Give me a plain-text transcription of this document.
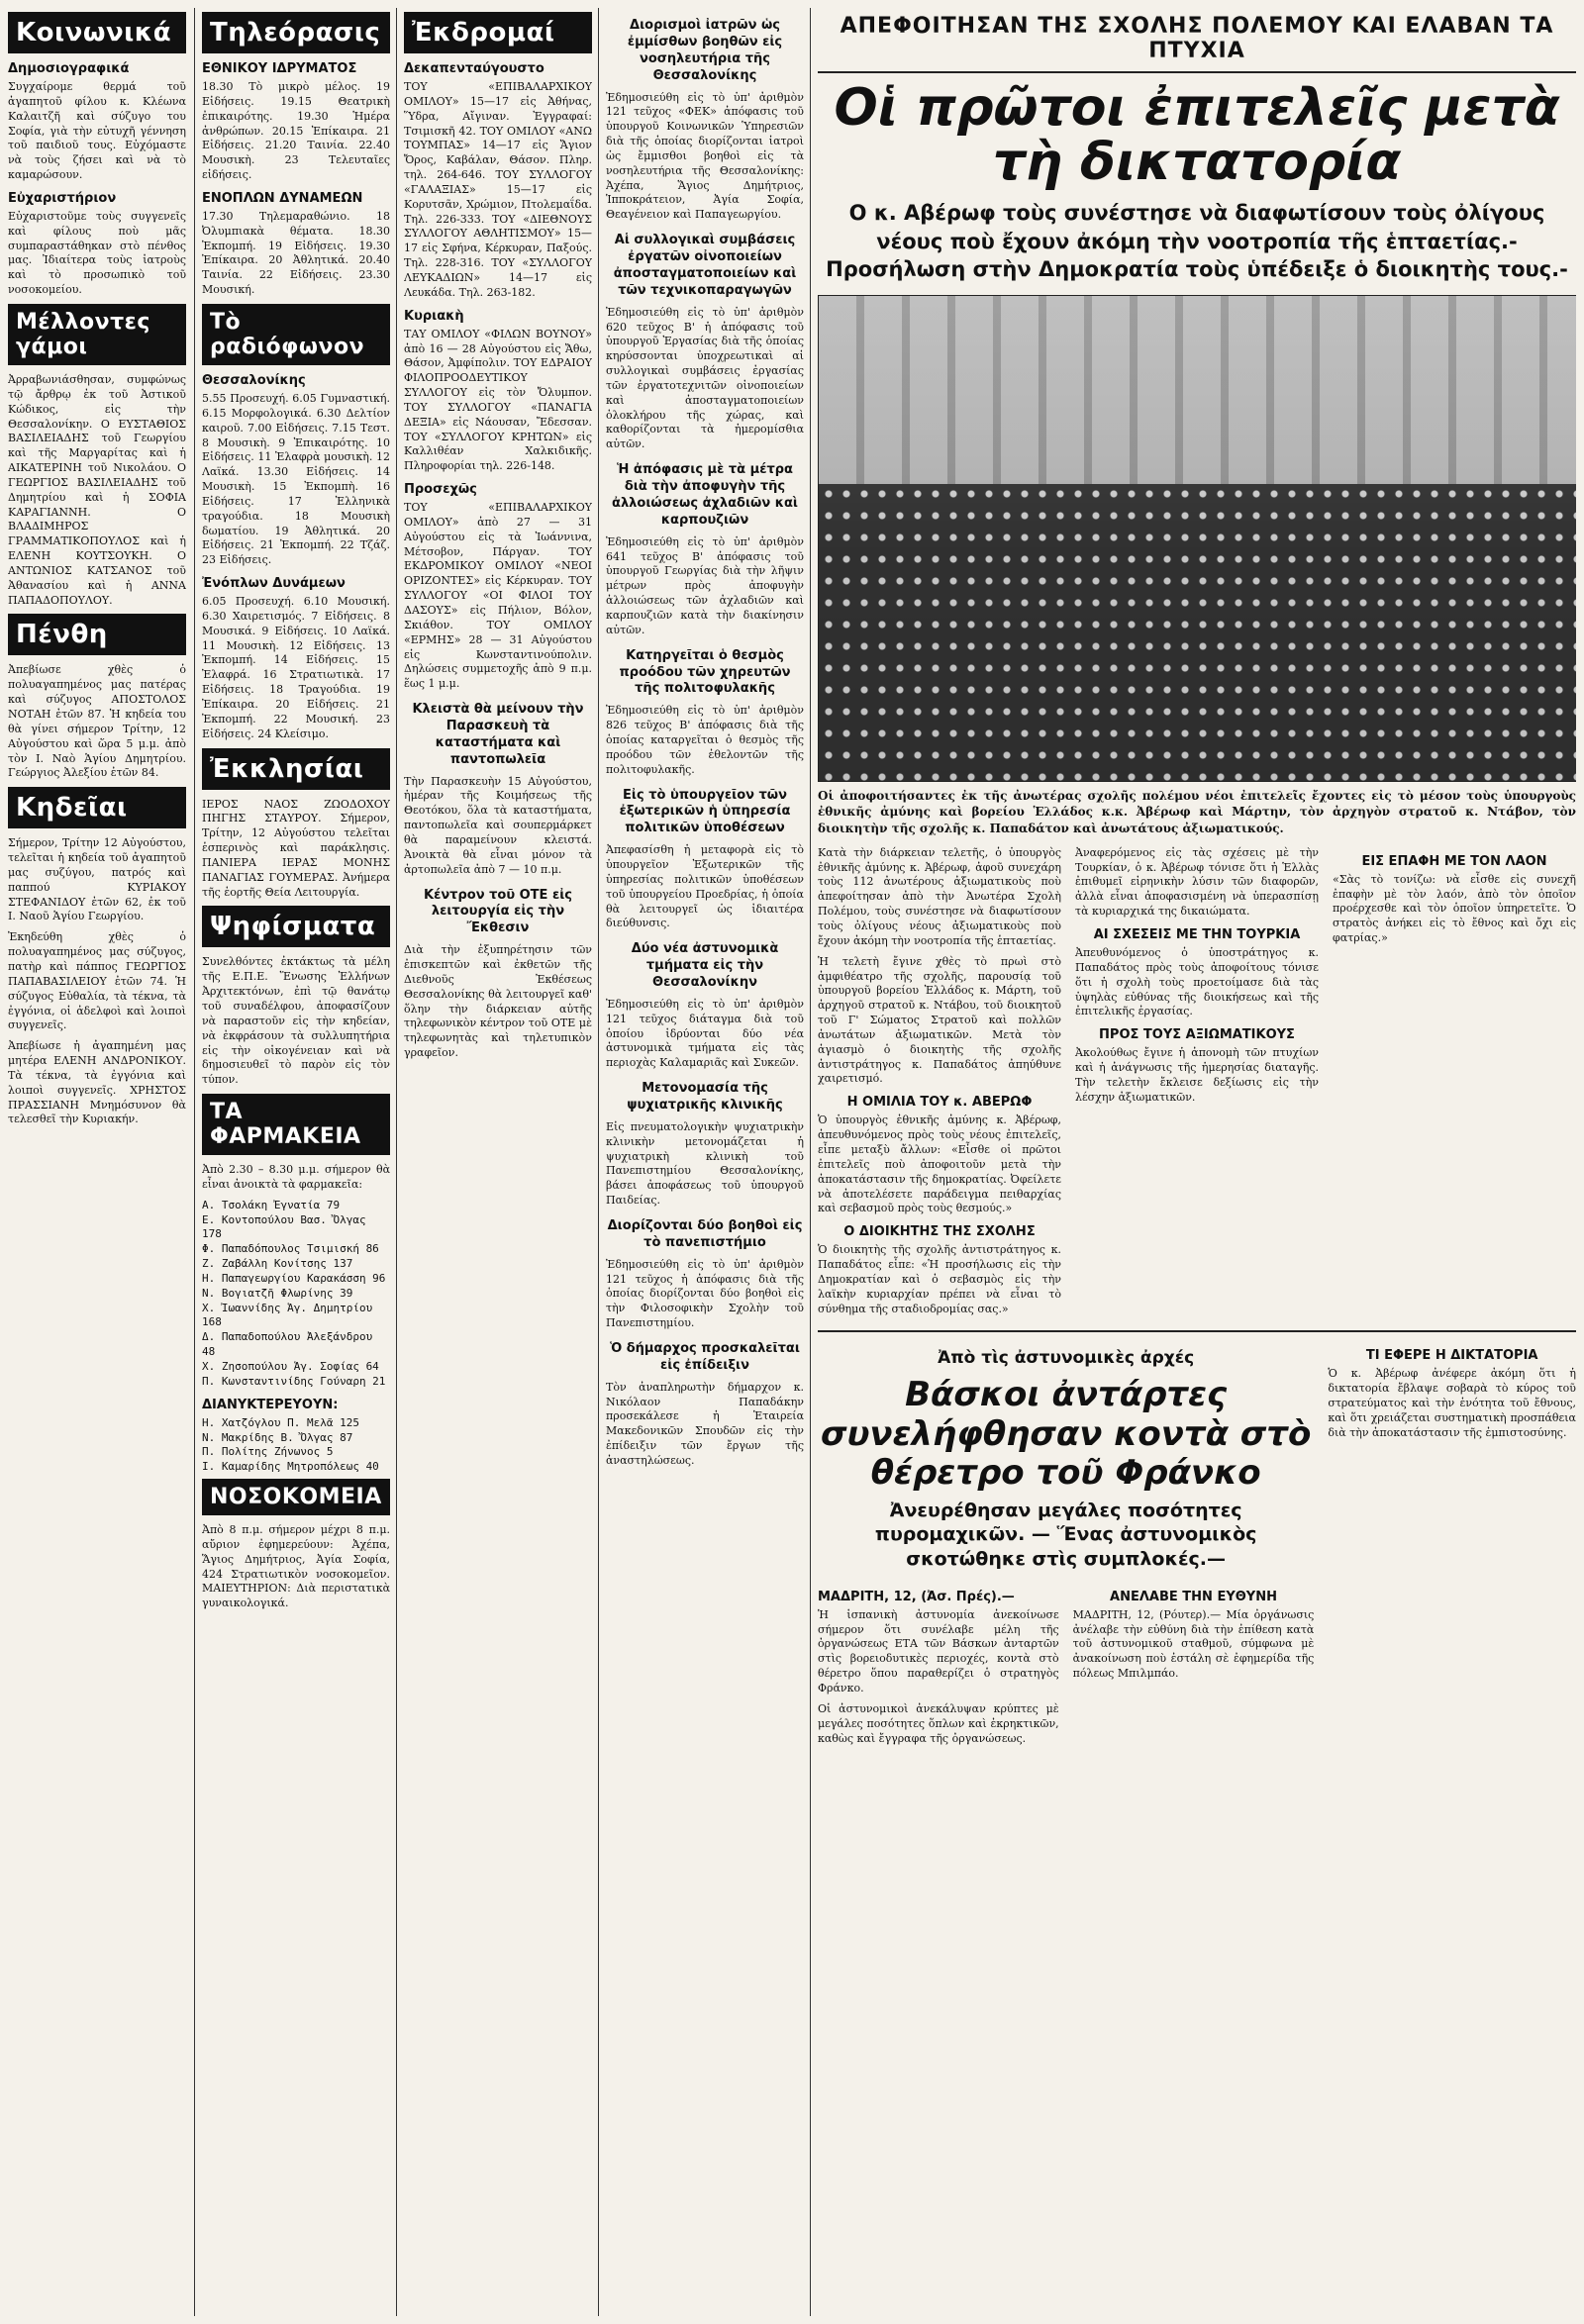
Κοινωνικά
Δημοσιογραφικά

Συγχαίρομε θερμά τοῦ ἀγαπητοῦ φίλου κ. Κλέωνα Καλαιτζῆ καὶ σύζυγο του Σοφία, γιὰ τὴν εὐτυχῆ γέννηση τοῦ παιδιοῦ τους. Εὐχόμαστε νὰ τοὺς ζήσει καὶ νὰ τὸ καμαρώσουν.

Εὐχαριστήριον

Εὐχαριστοῦμε τοὺς συγγενεῖς καὶ φίλους ποὺ μᾶς συμπαραστάθηκαν στὸ πένθος μας. Ἰδιαίτερα τοὺς ἰατροὺς καὶ τὸ προσωπικὸ τοῦ νοσοκομείου.

Μέλλοντες γάμοι

Ἀρραβωνιάσθησαν, συμφώνως τῷ ἄρθρῳ ἐκ τοῦ Ἀστικοῦ Κώδικος, εἰς τὴν Θεσσαλονίκην. Ο ΕΥΣΤΑΘΙΟΣ ΒΑΣΙΛΕΙΑΔΗΣ τοῦ Γεωργίου καὶ τῆς Μαργαρίτας καὶ ἡ ΑΙΚΑΤΕΡΙΝΗ τοῦ Νικολάου. Ο ΓΕΩΡΓΙΟΣ ΒΑΣΙΛΕΙΑΔΗΣ τοῦ Δημητρίου καὶ ἡ ΣΟΦΙΑ ΚΑΡΑΓΙΑΝΝΗ. Ο ΒΛΑΔΙΜΗΡΟΣ ΓΡΑΜΜΑΤΙΚΟΠΟΥΛΟΣ καὶ ἡ ΕΛΕΝΗ ΚΟΥΤΣΟΥΚΗ. Ο ΑΝΤΩΝΙΟΣ ΚΑΤΣΑΝΟΣ τοῦ Ἀθανασίου καὶ ἡ ΑΝΝΑ ΠΑΠΑΔΟΠΟΥΛΟΥ.

Πένθη

Ἀπεβίωσε χθὲς ὁ πολυαγαπημένος μας πατέρας καὶ σύζυγος ΑΠΟΣΤΟΛΟΣ ΝΟΤΑΗ ἐτῶν 87. Ἡ κηδεία του θὰ γίνει σήμερον Τρίτην, 12 Αὐγούστου καὶ ὥρα 5 μ.μ. ἀπὸ τὸν Ι. Ναὸ Ἁγίου Δημητρίου. Γεώργιος Ἀλεξίου ἐτῶν 84.

Κηδεῖαι

Σήμερον, Τρίτην 12 Αὐγούστου, τελεῖται ἡ κηδεία τοῦ ἀγαπητοῦ μας συζύγου, πατρός καὶ παππού ΚΥΡΙΑΚΟΥ ΣΤΕΦΑΝΙΔΟΥ ἐτῶν 62, ἐκ τοῦ Ι. Ναοῦ Ἁγίου Γεωργίου.

Ἐκηδεύθη χθὲς ὁ πολυαγαπημένος μας σύζυγος, πατὴρ καὶ πάππος ΓΕΩΡΓΙΟΣ ΠΑΠΑΒΑΣΙΛΕΙΟΥ ἐτῶν 74. Ἡ σύζυγος Εὐθαλία, τὰ τέκνα, τὰ ἐγγόνια, οἱ ἀδελφοὶ καὶ λοιποὶ συγγενεῖς.

Ἀπεβίωσε ἡ ἀγαπημένη μας μητέρα ΕΛΕΝΗ ΑΝΔΡΟΝΙΚΟΥ. Τὰ τέκνα, τὰ ἐγγόνια καὶ λοιποὶ συγγενεῖς. ΧΡΗΣΤΟΣ ΠΡΑΣΣΙΑΝΗ Μνημόσυνον θὰ τελεσθεῖ τὴν Κυριακήν.

Τηλεόρασις
ΕΘΝΙΚΟΥ ΙΔΡΥΜΑΤΟΣ

18.30 Τὸ μικρὸ μέλος. 19 Εἰδήσεις. 19.15 Θεατρικὴ ἐπικαιρότης. 19.30 Ἡμέρα ἀνθρώπων. 20.15 Ἐπίκαιρα. 21 Εἰδήσεις. 21.20 Ταινία. 22.40 Μουσικὴ. 23 Τελευταῖες εἰδήσεις.

ΕΝΟΠΛΩΝ ΔΥΝΑΜΕΩΝ

17.30 Τηλεμαραθώνιο. 18 Ὀλυμπιακὰ θέματα. 18.30 Ἐκπομπή. 19 Εἰδήσεις. 19.30 Ἐπίκαιρα. 20 Ἀθλητικά. 20.40 Ταινία. 22 Εἰδήσεις. 23.30 Μουσική.

Τὸ ραδιόφωνον
Θεσσαλονίκης

5.55 Προσευχή. 6.05 Γυμναστική. 6.15 Μορφολογικά. 6.30 Δελτίον καιροῦ. 7.00 Εἰδήσεις. 7.15 Τεστ. 8 Μουσικὴ. 9 Ἐπικαιρότης. 10 Εἰδήσεις. 11 Ἐλαφρὰ μουσικὴ. 12 Λαϊκά. 13.30 Εἰδήσεις. 14 Μουσικὴ. 15 Ἐκπομπὴ. 16 Εἰδήσεις. 17 Ἐλληνικὰ τραγούδια. 18 Μουσικὴ δωματίου. 19 Ἀθλητικά. 20 Εἰδήσεις. 21 Ἐκπομπή. 22 Τζάζ. 23 Εἰδήσεις.

Ἐνόπλων Δυνάμεων

6.05 Προσευχή. 6.10 Μουσική. 6.30 Χαιρετισμός. 7 Εἰδήσεις. 8 Μουσικά. 9 Εἰδήσεις. 10 Λαϊκά. 11 Μουσικὴ. 12 Εἰδήσεις. 13 Ἐκπομπή. 14 Εἰδήσεις. 15 Ἐλαφρά. 16 Στρατιωτικὰ. 17 Εἰδήσεις. 18 Τραγούδια. 19 Ἐπίκαιρα. 20 Εἰδήσεις. 21 Ἐκπομπή. 22 Μουσική. 23 Εἰδήσεις. 24 Κλείσιμο.

Ἐκκλησίαι

ΙΕΡΟΣ ΝΑΟΣ ΖΩΟΔΟΧΟΥ ΠΗΓΗΣ ΣΤΑΥΡΟΥ. Σήμερον, Τρίτην, 12 Αὐγούστου τελεῖται ἑσπερινὸς καὶ παράκλησις. ΠΑΝΙΕΡΑ ΙΕΡΑΣ ΜΟΝΗΣ ΠΑΝΑΓΙΑΣ ΓΟΥΜΕΡΑΣ. Ἀνήμερα τῆς ἑορτῆς Θεία Λειτουργία.

Ψηφίσματα

Συνελθόντες ἐκτάκτως τὰ μέλη τῆς Ε.Π.Ε. Ἕνωσης Ἐλλήνων Ἀρχιτεκτόνων, ἐπὶ τῷ θανάτῳ τοῦ συναδέλφου, ἀποφασίζουν νὰ παραστοῦν εἰς τὴν κηδείαν, νὰ ἐκφράσουν τὰ συλλυπητήρια εἰς τὴν οἰκογένειαν καὶ νὰ δημοσιευθεῖ τὸ παρὸν εἰς τὸν τύπον.

ΤΑ ΦΑΡΜΑΚΕΙΑ

Ἀπὸ 2.30 – 8.30 μ.μ. σήμερον θὰ εἶναι ἀνοικτὰ τὰ φαρμακεῖα:

Α. Τσολάκη Ἐγνατία 79

Ε. Κοντοπούλου Βασ. Ὄλγας 178

Φ. Παπαδόπουλος Τσιμισκή 86

Ζ. Ζαβάλλη Κονίτσης 137

Η. Παπαγεωργίου Καρακάσση 96

Ν. Βογιατζῆ Φλωρίνης 39

Χ. Ἰωαννίδης Ἁγ. Δημητρίου 168

Δ. Παπαδοπούλου Ἀλεξάνδρου 48

Χ. Ζησοπούλου Ἁγ. Σοφίας 64

Π. Κωνσταντινίδης Γούναρη 21

ΔΙΑΝΥΚΤΕΡΕΥΟΥΝ:

Η. Χατζόγλου Π. Μελᾶ 125

Ν. Μακρίδης Β. Ὄλγας 87

Π. Πολίτης Ζήνωνος 5

Ι. Καμαρίδης Μητροπόλεως 40

ΝΟΣΟΚΟΜΕΙΑ

Ἀπὸ 8 π.μ. σήμερον μέχρι 8 π.μ. αὔριον ἐφημερεύουν: Ἀχέπα, Ἅγιος Δημήτριος, Ἀγία Σοφία, 424 Στρατιωτικὸν νοσοκομεῖον. ΜΑΙΕΥΤΗΡΙΟΝ: Διὰ περιστατικὰ γυναικολογικά.

Ἐκδρομαί
Δεκαπενταύγουστο

ΤΟΥ «ΕΠΙΒΑΛΑΡΧΙΚΟΥ ΟΜΙΛΟΥ» 15—17 εἰς Ἀθήνας, Ὕδρα, Αἴγιναν. Ἐγγραφαί: Τσιμισκῆ 42. ΤΟΥ ΟΜΙΛΟΥ «ΑΝΩ ΤΟΥΜΠΑΣ» 14—17 εἰς Ἄγιον Ὄρος, Καβάλαν, Θάσον. Πληρ. τηλ. 264-646. ΤΟΥ ΣΥΛΛΟΓΟΥ «ΓΑΛΑΞΙΑΣ» 15—17 εἰς Κορυτσᾶν, Χρώμιον, Πτολεμαΐδα. Τηλ. 226-333. ΤΟΥ «ΔΙΕΘΝΟΥΣ ΣΥΛΛΟΓΟΥ ΑΘΛΗΤΙΣΜΟΥ» 15—17 εἰς Σφήνα, Κέρκυραν, Παξούς. Τηλ. 228-316. ΤΟΥ «ΣΥΛΛΟΓΟΥ ΛΕΥΚΑΔΙΩΝ» 14—17 εἰς Λευκάδα. Τηλ. 263-182.

Κυριακὴ

ΤΑΥ ΟΜΙΛΟΥ «ΦΙΛΩΝ ΒΟΥΝΟΥ» ἀπὸ 16 — 28 Αὐγούστου εἰς Ἄθω, Θάσον, Ἀμφίπολιν. ΤΟΥ ΕΔΡΑΙΟΥ ΦΙΛΟΠΡΟΟΔΕΥΤΙΚΟΥ ΣΥΛΛΟΓΟΥ εἰς τὸν Ὄλυμπον. ΤΟΥ ΣΥΛΛΟΓΟΥ «ΠΑΝΑΓΙΑ ΔΕΞΙΑ» εἰς Νάουσαν, Ἔδεσσαν. ΤΟΥ «ΣΥΛΛΟΓΟΥ ΚΡΗΤΩΝ» εἰς Καλλιθέαν Χαλκιδικῆς. Πληροφορίαι τηλ. 226-148.

Προσεχῶς

ΤΟΥ «ΕΠΙΒΑΛΑΡΧΙΚΟΥ ΟΜΙΛΟΥ» ἀπὸ 27 — 31 Αὐγούστου εἰς τὰ Ἰωάννινα, Μέτσοβον, Πάργαν. ΤΟΥ ΕΚΔΡΟΜΙΚΟΥ ΟΜΙΛΟΥ «ΝΕΟΙ ΟΡΙΖΟΝΤΕΣ» εἰς Κέρκυραν. ΤΟΥ ΣΥΛΛΟΓΟΥ «ΟΙ ΦΙΛΟΙ ΤΟΥ ΔΑΣΟΥΣ» εἰς Πήλιον, Βόλον, Σκιάθον. ΤΟΥ ΟΜΙΛΟΥ «ΕΡΜΗΣ» 28 — 31 Αὐγούστου εἰς Κωνσταντινούπολιν. Δηλώσεις συμμετοχῆς ἀπὸ 9 π.μ. ἕως 1 μ.μ.

Κλειστὰ θὰ μείνουν τὴν Παρασκευὴ τὰ καταστήματα καὶ παντοπωλεῖα

Τὴν Παρασκευὴν 15 Αὐγούστου, ἡμέραν τῆς Κοιμήσεως τῆς Θεοτόκου, ὅλα τὰ καταστήματα, παντοπωλεῖα καὶ σουπερμάρκετ θὰ παραμείνουν κλειστά. Ἀνοικτὰ θὰ εἶναι μόνον τὰ ἀρτοπωλεῖα ἀπὸ 7 — 10 π.μ.

Κέντρον τοῦ ΟΤΕ εἰς λειτουργία εἰς τὴν Ἔκθεσιν

Διὰ τὴν ἐξυπηρέτησιν τῶν ἐπισκεπτῶν καὶ ἐκθετῶν τῆς Διεθνοῦς Ἐκθέσεως Θεσσαλονίκης θὰ λειτουργεῖ καθ' ὅλην τὴν διάρκειαν αὐτῆς τηλεφωνικὸν κέντρον τοῦ ΟΤΕ μὲ τηλεφωνητὰς καὶ τηλετυπικὸν γραφεῖον.

Διορισμοὶ ἰατρῶν ὡς ἐμμίσθων βοηθῶν εἰς νοσηλευτήρια τῆς Θεσσαλονίκης

Ἐδημοσιεύθη εἰς τὸ ὑπ' ἀριθμὸν 121 τεῦχος «ΦΕΚ» ἀπόφασις τοῦ ὑπουργοῦ Κοινωνικῶν Ὑπηρεσιῶν διὰ τῆς ὁποίας διορίζονται ἰατροὶ ὡς ἔμμισθοι βοηθοὶ εἰς τὰ νοσηλευτήρια τῆς Θεσσαλονίκης: Ἀχέπα, Ἅγιος Δημήτριος, Ἱπποκράτειον, Ἀγία Σοφία, Θεαγένειον καὶ Παπαγεωργίου.

Αἱ συλλογικαὶ συμβάσεις ἐργατῶν οἰνοποιείων ἀποσταγματοποιείων καὶ τῶν τεχνικοπαραγωγῶν

Ἐδημοσιεύθη εἰς τὸ ὑπ' ἀριθμὸν 620 τεῦχος Β' ἡ ἀπόφασις τοῦ ὑπουργοῦ Ἐργασίας διὰ τῆς ὁποίας κηρύσσονται ὑποχρεωτικαὶ αἱ συλλογικαὶ συμβάσεις ἐργασίας τῶν ἐργατοτεχνιτῶν οἰνοποιείων καὶ ἀποσταγματοποιείων ὁλοκλήρου τῆς χώρας, καὶ καθορίζονται τὰ ἡμερομίσθια αὐτῶν.

Ἡ ἀπόφασις μὲ τὰ μέτρα διὰ τὴν ἀποφυγὴν τῆς ἀλλοιώσεως ἀχλαδιῶν καὶ καρπουζιῶν

Ἐδημοσιεύθη εἰς τὸ ὑπ' ἀριθμὸν 641 τεῦχος Β' ἀπόφασις τοῦ ὑπουργοῦ Γεωργίας διὰ τὴν λῆψιν μέτρων πρὸς ἀποφυγὴν ἀλλοιώσεως τῶν ἀχλαδιῶν καὶ καρπουζιῶν κατὰ τὴν διακίνησιν αὐτῶν.

Κατηργεῖται ὁ θεσμὸς προόδου τῶν χηρευτῶν τῆς πολιτοφυλακῆς

Ἐδημοσιεύθη εἰς τὸ ὑπ' ἀριθμὸν 826 τεῦχος Β' ἀπόφασις διὰ τῆς ὁποίας καταργεῖται ὁ θεσμὸς τῆς προόδου τῶν ἐθελοντῶν τῆς πολιτοφυλακῆς.

Εἰς τὸ ὑπουργεῖον τῶν ἐξωτερικῶν ἡ ὑπηρεσία πολιτικῶν ὑποθέσεων

Ἀπεφασίσθη ἡ μεταφορὰ εἰς τὸ ὑπουργεῖον Ἐξωτερικῶν τῆς ὑπηρεσίας πολιτικῶν ὑποθέσεων τοῦ ὑπουργείου Προεδρίας, ἡ ὁποία θὰ λειτουργεῖ ὡς ἰδιαιτέρα διεύθυνσις.

Δύο νέα ἀστυνομικὰ τμήματα εἰς τὴν Θεσσαλονίκην

Ἐδημοσιεύθη εἰς τὸ ὑπ' ἀριθμὸν 121 τεῦχος διάταγμα διὰ τοῦ ὁποίου ἱδρύονται δύο νέα ἀστυνομικὰ τμήματα εἰς τὰς περιοχὰς Καλαμαριᾶς καὶ Συκεῶν.

Μετονομασία τῆς ψυχιατρικῆς κλινικῆς

Εἰς πνευματολογικὴν ψυχιατρικὴν κλινικὴν μετονομάζεται ἡ ψυχιατρικὴ κλινικὴ τοῦ Πανεπιστημίου Θεσσαλονίκης, βάσει ἀποφάσεως τοῦ ὑπουργοῦ Παιδείας.

Διορίζονται δύο βοηθοὶ εἰς τὸ πανεπιστήμιο

Ἐδημοσιεύθη εἰς τὸ ὑπ' ἀριθμὸν 121 τεῦχος ἡ ἀπόφασις διὰ τῆς ὁποίας διορίζονται δύο βοηθοὶ εἰς τὴν Φιλοσοφικὴν Σχολὴν τοῦ Πανεπιστημίου.

Ὁ δήμαρχος προσκαλεῖται εἰς ἐπίδειξιν

Τὸν ἀναπληρωτὴν δήμαρχον κ. Νικόλαον Παπαδάκην προσεκάλεσε ἡ Ἑταιρεία Μακεδονικῶν Σπουδῶν εἰς τὴν ἐπίδειξιν τῶν ἔργων τῆς ἀναστηλώσεως.

ΑΠΕΦΟΙΤΗΣΑΝ ΤΗΣ ΣΧΟΛΗΣ ΠΟΛΕΜΟΥ ΚΑΙ ΕΛΑΒΑΝ ΤΑ ΠΤΥΧΙΑ
Οἱ πρῶτοι ἐπιτελεῖς μετὰ τὴ δικτατορία
Ο κ. Αβέρωφ τοὺς συνέστησε νὰ διαφωτίσουν τοὺς ὀλίγους νέους ποὺ ἔχουν ἀκόμη τὴν νοοτροπία τῆς ἑπταετίας.- Προσήλωση στὴν Δημοκρατία τοὺς ὑπέδειξε ὁ διοικητὴς τους.-
Οἱ ἀποφοιτήσαντες ἐκ τῆς ἀνωτέρας σχολῆς πολέμου νέοι ἐπιτελεῖς ἔχοντες εἰς τὸ μέσον τοὺς ὑπουργοὺς ἐθνικῆς ἀμύνης καὶ βορείου Ἑλλάδος κ.κ. Ἀβέρωφ καὶ Μάρτην, τὸν ἀρχηγὸν στρατοῦ κ. Ντάβον, τὸν διοικητὴν τῆς σχολῆς κ. Παπαδάτον καὶ ἀνωτάτους ἀξιωματικούς.

Κατὰ τὴν διάρκειαν τελετῆς, ὁ ὑπουργὸς ἐθνικῆς ἀμύνης κ. Ἀβέρωφ, ἀφοῦ συνεχάρη τοὺς 112 ἀνωτέρους ἀξιωματικοὺς ποὺ ἀπεφοίτησαν ἀπὸ τὴν Ἀνωτέρα Σχολὴ Πολέμου, τοὺς συνέστησε νὰ διαφωτίσουν τοὺς ὀλίγους νέους ἀξιωματικοὺς ποὺ ἔχουν ἀκόμη τὴν νοοτροπία τῆς ἑπταετίας.

Ἡ τελετὴ ἔγινε χθὲς τὸ πρωὶ στὸ ἀμφιθέατρο τῆς σχολῆς, παρουσίᾳ τοῦ ὑπουργοῦ βορείου Ἑλλάδος κ. Μάρτη, τοῦ ἀρχηγοῦ στρατοῦ κ. Ντάβου, τοῦ διοικητοῦ τοῦ Γ' Σώματος Στρατοῦ καὶ πολλῶν ἀνωτάτων ἀξιωματικῶν. Μετὰ τὸν ἁγιασμὸ ὁ διοικητὴς τῆς σχολῆς ἀντιστράτηγος κ. Παπαδάτος ἀπηύθυνε χαιρετισμό.

Η ΟΜΙΛΙΑ ΤΟΥ κ. ΑΒΕΡΩΦ

Ὁ ὑπουργὸς ἐθνικῆς ἀμύνης κ. Ἀβέρωφ, ἀπευθυνόμενος πρὸς τοὺς νέους ἐπιτελεῖς, εἶπε μεταξὺ ἄλλων: «Εἶσθε οἱ πρῶτοι ἐπιτελεῖς ποὺ ἀποφοιτοῦν μετὰ τὴν ἀποκατάστασιν τῆς δημοκρατίας. Ὀφείλετε νὰ ἀποτελέσετε παράδειγμα πειθαρχίας καὶ σεβασμοῦ πρὸς τοὺς θεσμούς.»

Ο ΔΙΟΙΚΗΤΗΣ ΤΗΣ ΣΧΟΛΗΣ

Ὁ διοικητὴς τῆς σχολῆς ἀντιστράτηγος κ. Παπαδάτος εἶπε: «Ἡ προσήλωσις εἰς τὴν Δημοκρατίαν καὶ ὁ σεβασμὸς εἰς τὴν λαϊκὴν κυριαρχίαν πρέπει νὰ εἶναι τὸ σύνθημα τῆς σταδιοδρομίας σας.»

Ἀναφερόμενος εἰς τὰς σχέσεις μὲ τὴν Τουρκίαν, ὁ κ. Ἀβέρωφ τόνισε ὅτι ἡ Ἑλλὰς ἐπιθυμεῖ εἰρηνικὴν λύσιν τῶν διαφορῶν, ἀλλὰ εἶναι ἀποφασισμένη νὰ ὑπερασπίσῃ τὰ κυριαρχικά της δικαιώματα.

ΑΙ ΣΧΕΣΕΙΣ ΜΕ ΤΗΝ ΤΟΥΡΚΙΑ

Ἀπευθυνόμενος ὁ ὑποστράτηγος κ. Παπαδάτος πρὸς τοὺς ἀποφοίτους τόνισε ὅτι ἡ σχολὴ τοὺς προετοίμασε διὰ τὰς ὑψηλὰς εὐθύνας τῆς διοικήσεως καὶ τῆς ἐπιτελικῆς ἐργασίας.

ΠΡΟΣ ΤΟΥΣ ΑΞΙΩΜΑΤΙΚΟΥΣ

Ἀκολούθως ἔγινε ἡ ἀπονομὴ τῶν πτυχίων καὶ ἡ ἀνάγνωσις τῆς ἡμερησίας διαταγῆς. Τὴν τελετὴν ἔκλεισε δεξίωσις εἰς τὴν λέσχην ἀξιωματικῶν.

ΕΙΣ ΕΠΑΦΗ ΜΕ ΤΟΝ ΛΑΟΝ

«Σὰς τὸ τονίζω: νὰ εἶσθε εἰς συνεχῆ ἐπαφὴν μὲ τὸν λαόν, ἀπὸ τὸν ὁποῖον προέρχεσθε καὶ τὸν ὁποῖον ὑπηρετεῖτε. Ὁ στρατὸς ἀνήκει εἰς τὸ ἔθνος καὶ ὄχι εἰς φατρίας.»

Ἀπὸ τὶς ἀστυνομικὲς ἀρχές
Βάσκοι ἀντάρτες συνελήφθησαν κοντὰ στὸ θέρετρο τοῦ Φράνκο
Ἀνευρέθησαν μεγάλες ποσότητες πυρομαχικῶν. — Ἕνας ἀστυνομικὸς σκοτώθηκε στὶς συμπλοκές.—
ΜΑΔΡΙΤΗ, 12, (Ἀσ. Πρές).—

Ἡ ἱσπανικὴ ἀστυνομία ἀνεκοίνωσε σήμερον ὅτι συνέλαβε μέλη τῆς ὀργανώσεως ΕΤΑ τῶν Βάσκων ἀνταρτῶν στὶς βορειοδυτικὲς περιοχές, κοντὰ στὸ θέρετρο ὅπου παραθερίζει ὁ στρατηγὸς Φράνκο.

Οἱ ἀστυνομικοὶ ἀνεκάλυψαν κρύπτες μὲ μεγάλες ποσότητες ὅπλων καὶ ἐκρηκτικῶν, καθὼς καὶ ἔγγραφα τῆς ὀργανώσεως.

ΑΝΕΛΑΒΕ ΤΗΝ ΕΥΘΥΝΗ

ΜΑΔΡΙΤΗ, 12, (Ρόυτερ).— Μία ὀργάνωσις ἀνέλαβε τὴν εὐθύνη διὰ τὴν ἐπίθεση κατὰ τοῦ ἀστυνομικοῦ σταθμοῦ, σύμφωνα μὲ ἀνακοίνωση ποὺ ἐστάλη σὲ ἐφημερίδα τῆς πόλεως Μπιλμπάο.

ΤΙ ΕΦΕΡΕ Η ΔΙΚΤΑΤΟΡΙΑ

Ὁ κ. Ἀβέρωφ ἀνέφερε ἀκόμη ὅτι ἡ δικτατορία ἔβλαψε σοβαρὰ τὸ κύρος τοῦ στρατεύματος καὶ τὴν ἑνότητα τοῦ ἔθνους, καὶ ὅτι χρειάζεται συστηματικὴ προσπάθεια διὰ τὴν ἀποκατάστασιν τῆς ἐμπιστοσύνης.
